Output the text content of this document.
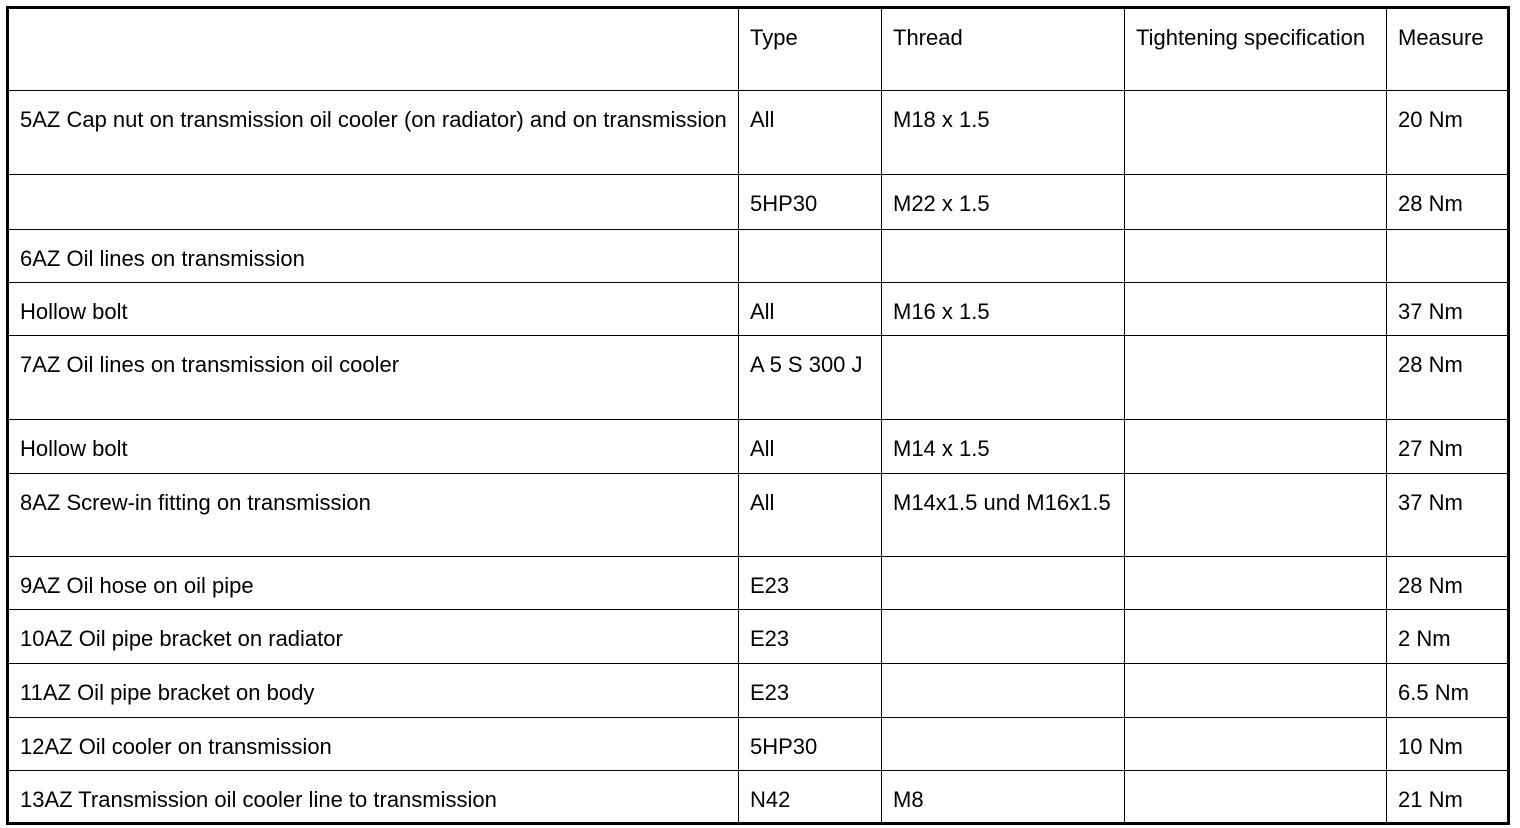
	Type	Thread	Tightening specification	Measure
5AZ Cap nut on transmission oil cooler (on radiator) and on transmission	All	M18 x 1.5		20 Nm
	5HP30	M22 x 1.5		28 Nm
6AZ Oil lines on transmission				
Hollow bolt	All	M16 x 1.5		37 Nm
7AZ Oil lines on transmission oil cooler	A 5 S 300 J			28 Nm
Hollow bolt	All	M14 x 1.5		27 Nm
8AZ Screw-in fitting on transmission	All	M14x1.5 und M16x1.5		37 Nm
9AZ Oil hose on oil pipe	E23			28 Nm
10AZ Oil pipe bracket on radiator	E23			2 Nm
11AZ Oil pipe bracket on body	E23			6.5 Nm
12AZ Oil cooler on transmission	5HP30			10 Nm
13AZ Transmission oil cooler line to transmission	N42	M8		21 Nm
